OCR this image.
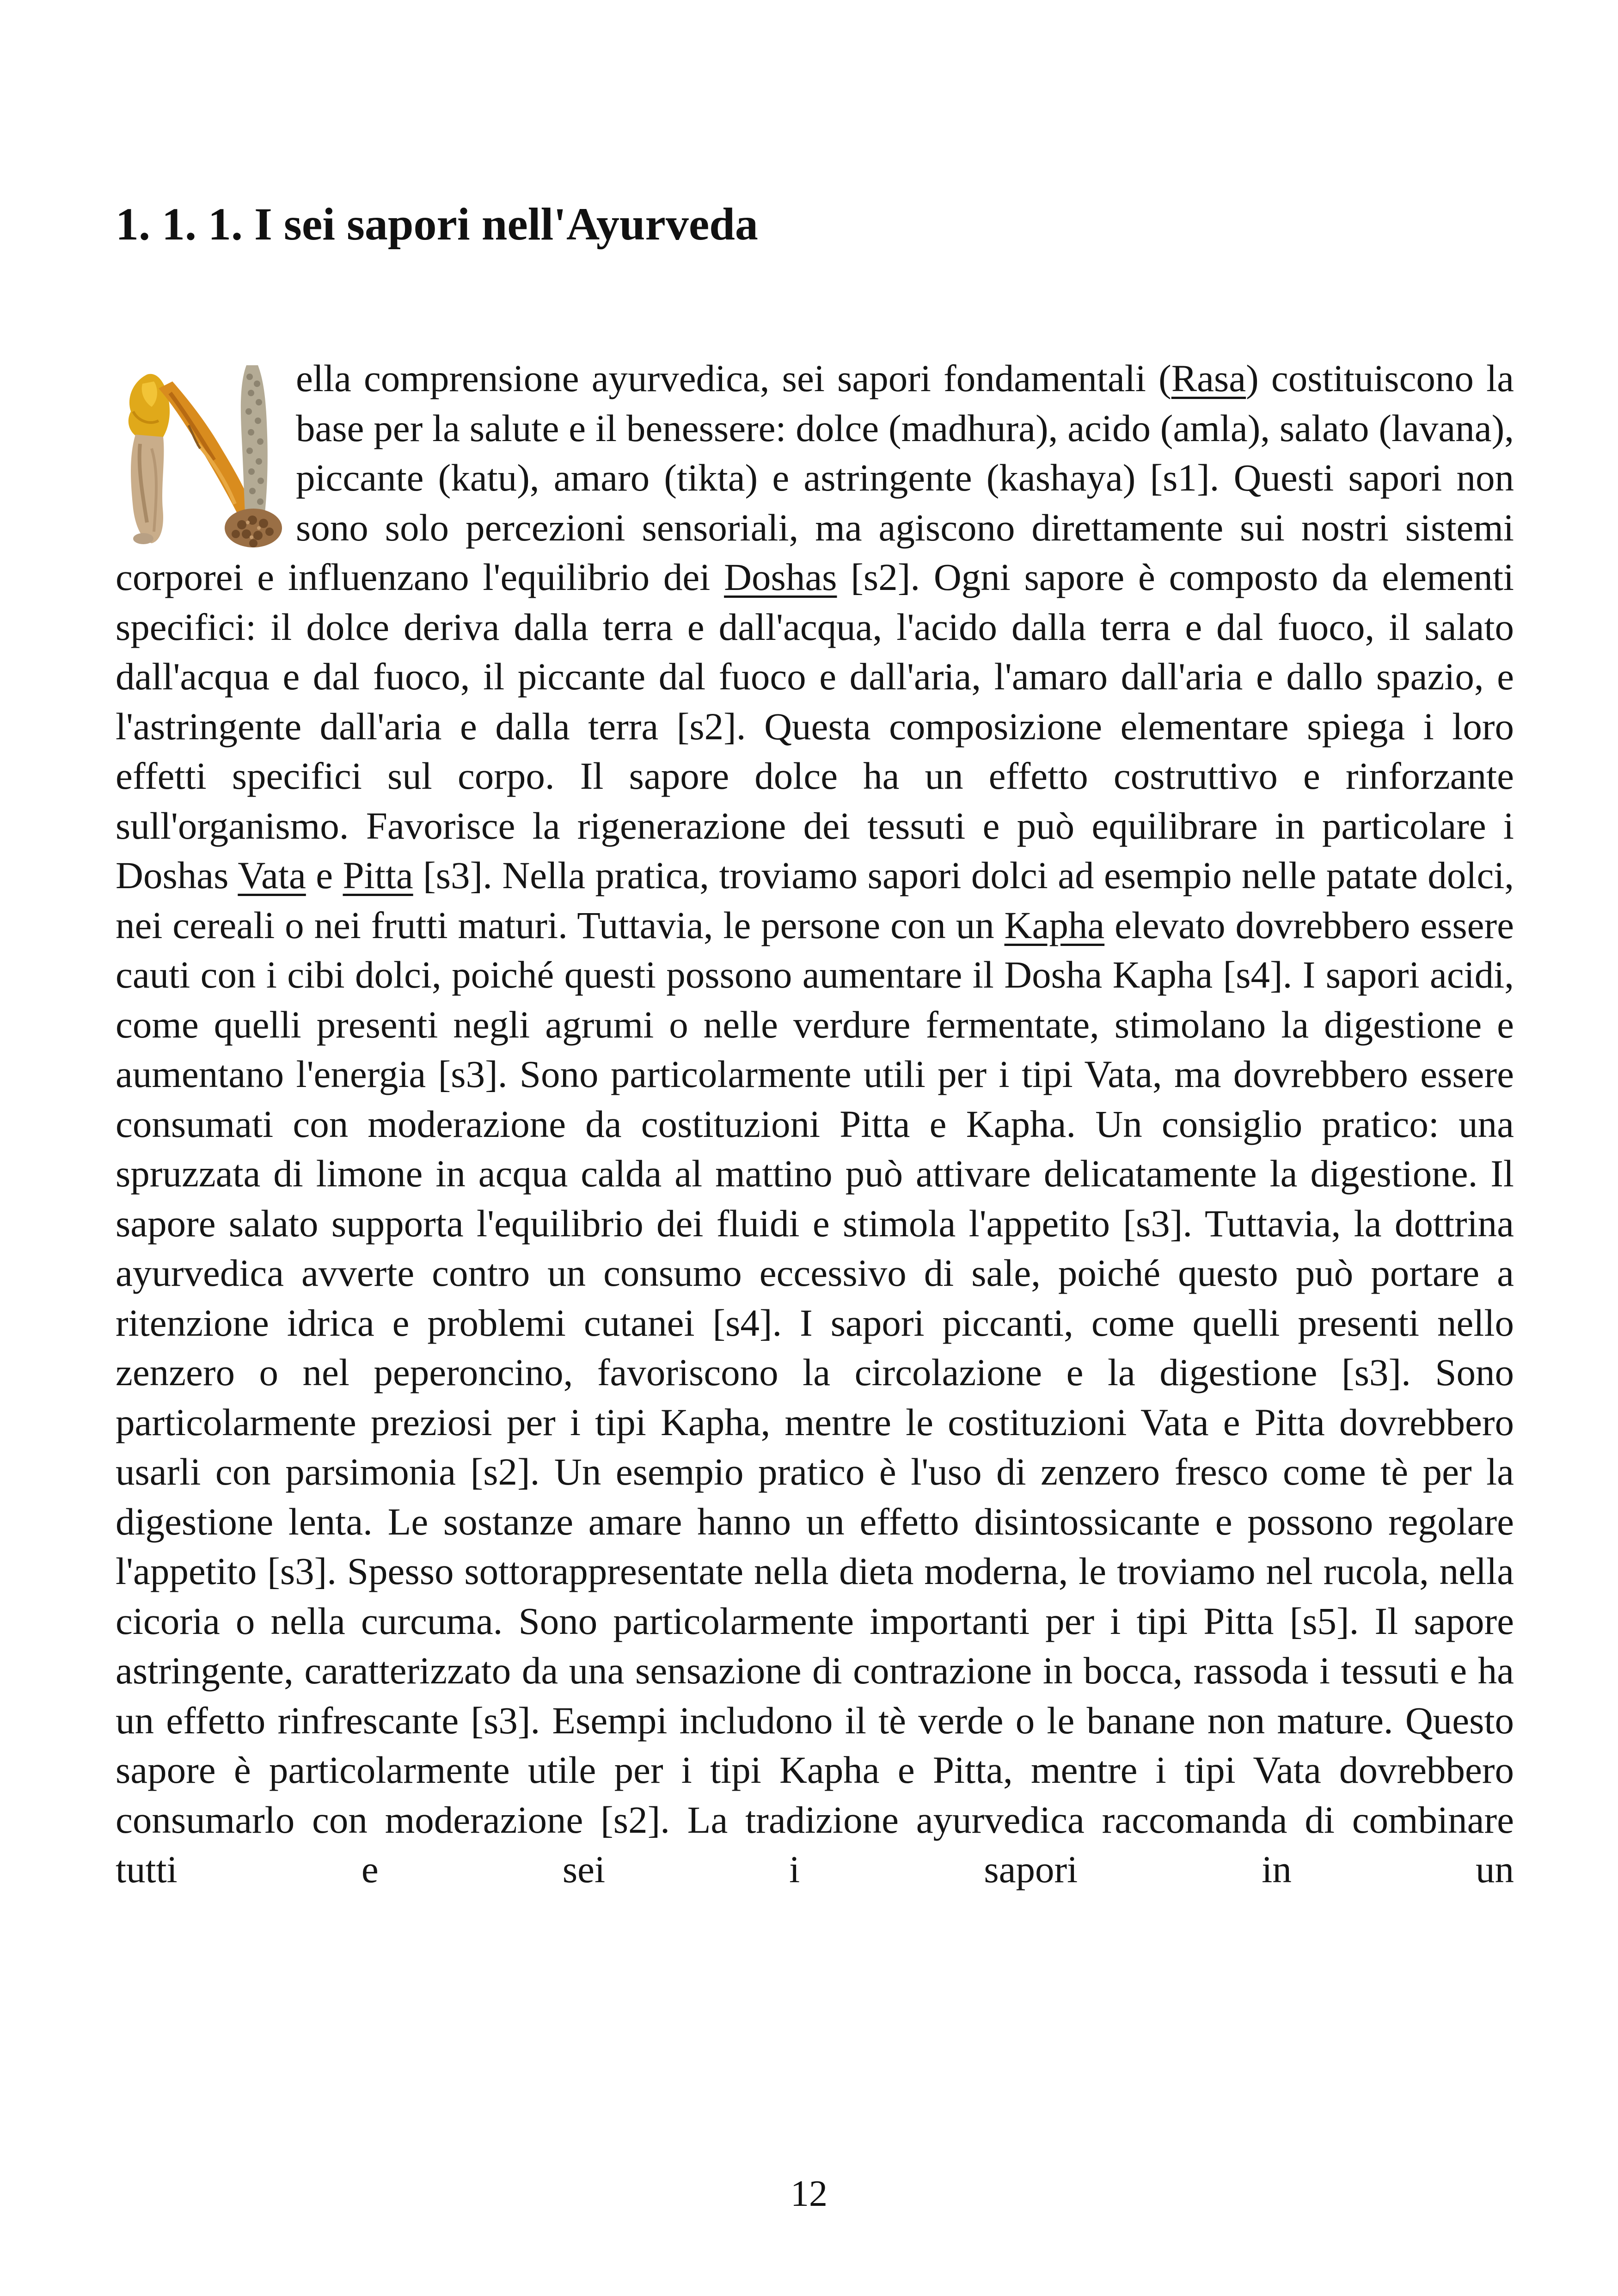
1. 1. 1. I sei sapori nell'Ayurveda

ella comprensione ayurvedica, sei sapori fondamentali (Rasa) costituiscono la base per la salute e il benessere: dolce (madhura), acido (amla), salato (lavana), piccante (katu), amaro (tikta) e astringente (kashaya) [s1]. Questi sapori non sono solo percezioni sensoriali, ma agiscono direttamente sui nostri sistemi corporei e influenzano l'equilibrio dei Doshas [s2]. Ogni sapore è composto da elementi specifici: il dolce deriva dalla terra e dall'acqua, l'acido dalla terra e dal fuoco, il salato dall'acqua e dal fuoco, il piccante dal fuoco e dall'aria, l'amaro dall'aria e dallo spazio, e l'astringente dall'aria e dalla terra [s2]. Questa composizione elementare spiega i loro effetti specifici sul corpo. Il sapore dolce ha un effetto costruttivo e rinforzante sull'organismo. Favorisce la rigenerazione dei tessuti e può equilibrare in particolare i Doshas Vata e Pitta [s3]. Nella pratica, troviamo sapori dolci ad esempio nelle patate dolci, nei cereali o nei frutti maturi. Tuttavia, le persone con un Kapha elevato dovrebbero essere cauti con i cibi dolci, poiché questi possono aumentare il Dosha Kapha [s4]. I sapori acidi, come quelli presenti negli agrumi o nelle verdure fermentate, stimolano la digestione e aumentano l'energia [s3]. Sono particolarmente utili per i tipi Vata, ma dovrebbero essere consumati con moderazione da costituzioni Pitta e Kapha. Un consiglio pratico: una spruzzata di limone in acqua calda al mattino può attivare delicatamente la digestione. Il sapore salato supporta l'equilibrio dei fluidi e stimola l'appetito [s3]. Tuttavia, la dottrina ayurvedica avverte contro un consumo eccessivo di sale, poiché questo può portare a ritenzione idrica e problemi cutanei [s4]. I sapori piccanti, come quelli presenti nello zenzero o nel peperoncino, favoriscono la circolazione e la digestione [s3]. Sono particolarmente preziosi per i tipi Kapha, mentre le costituzioni Vata e Pitta dovrebbero usarli con parsimonia [s2]. Un esempio pratico è l'uso di zenzero fresco come tè per la digestione lenta. Le sostanze amare hanno un effetto disintossicante e possono regolare l'appetito [s3]. Spesso sottorappresentate nella dieta moderna, le troviamo nel rucola, nella cicoria o nella curcuma. Sono particolarmente importanti per i tipi Pitta [s5]. Il sapore astringente, caratterizzato da una sensazione di contrazione in bocca, rassoda i tessuti e ha un effetto rinfrescante [s3]. Esempi includono il tè verde o le banane non mature. Questo sapore è particolarmente utile per i tipi Kapha e Pitta, mentre i tipi Vata dovrebbero consumarlo con moderazione [s2]. La tradizione ayurvedica raccomanda di combinare tutti e sei i sapori in un

12
